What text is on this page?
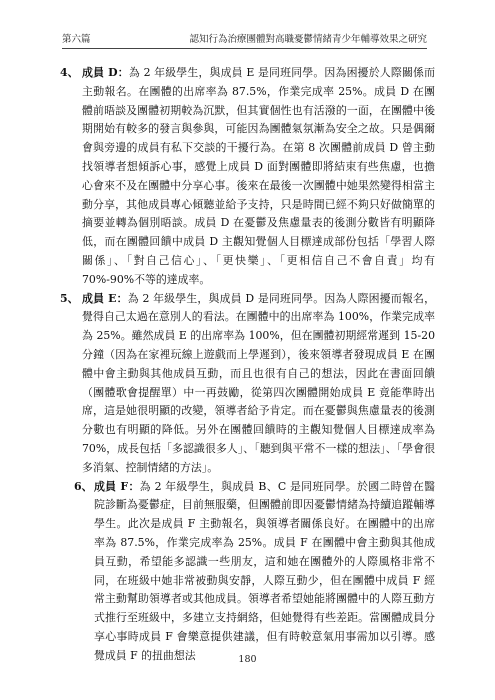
第六篇	認知行為治療團體對高職憂鬱情緒青少年輔導效果之研究
4、 成員 D：為 2 年級學生，與成員 E 是同班同學。因為困擾於人際關係而主動報名。在團體的出席率為 87.5%，作業完成率 25%。成員 D 在團體前晤談及團體初期較為沉默，但其實個性也有活潑的一面，在團體中後期開始有較多的發言與參與，可能因為團體氣氛漸為安全之故。只是偶爾會與旁邊的成員有私下交談的干擾行為。在第 8 次團體前成員 D 曾主動找領導者想傾訴心事，感覺上成員 D 面對團體即將結束有些焦慮，也擔心會來不及在團體中分享心事。後來在最後一次團體中她果然變得相當主動分享，其他成員專心傾聽並給予支持，只是時間已經不夠只好做簡單的摘要並轉為個別晤談。成員 D 在憂鬱及焦慮量表的後測分數皆有明顯降低，而在團體回饋中成員 D 主觀知覺個人目標達成部份包括「學習人際關係」、「對自己信心」、「更快樂」、「更相信自己不會自責」均有 70%-90%不等的達成率。
5、 成員 E：為 2 年級學生，與成員 D 是同班同學。因為人際困擾而報名，覺得自己太過在意別人的看法。在團體中的出席率為 100%，作業完成率為 25%。雖然成員 E 的出席率為 100%，但在團體初期經常遲到 15-20 分鐘（因為在家裡玩線上遊戲而上學遲到），後來領導者發現成員 E 在團體中會主動與其他成員互動，而且也很有自己的想法，因此在書面回饋（團體歌會提醒單）中一再鼓勵，從第四次團體開始成員 E 竟能準時出席，這是她很明顯的改變，領導者給予肯定。而在憂鬱與焦慮量表的後測分數也有明顯的降低。另外在團體回饋時的主觀知覺個人目標達成率為 70%，成長包括「多認識很多人」、「聽到與平常不一樣的想法」、「學會很多消氣、控制情緒的方法」。
6、 成員 F：為 2 年級學生，與成員 B、C 是同班同學。於國二時曾在醫院診斷為憂鬱症，目前無服藥，但團體前即因憂鬱情緒為持續追蹤輔導學生。此次是成員 F 主動報名，與領導者關係良好。在團體中的出席率為 87.5%，作業完成率為 25%。成員 F 在團體中會主動與其他成員互動，希望能多認識一些朋友，這和她在團體外的人際風格非常不同，在班級中她非常被動與安靜，人際互動少，但在團體中成員 F 經常主動幫助領導者或其他成員。領導者希望她能將團體中的人際互動方式推行至班級中，多建立支持網絡，但她覺得有些差距。當團體成員分享心事時成員 F 會樂意提供建議，但有時較意氣用事需加以引導。感覺成員 F 的扭曲想法	180
